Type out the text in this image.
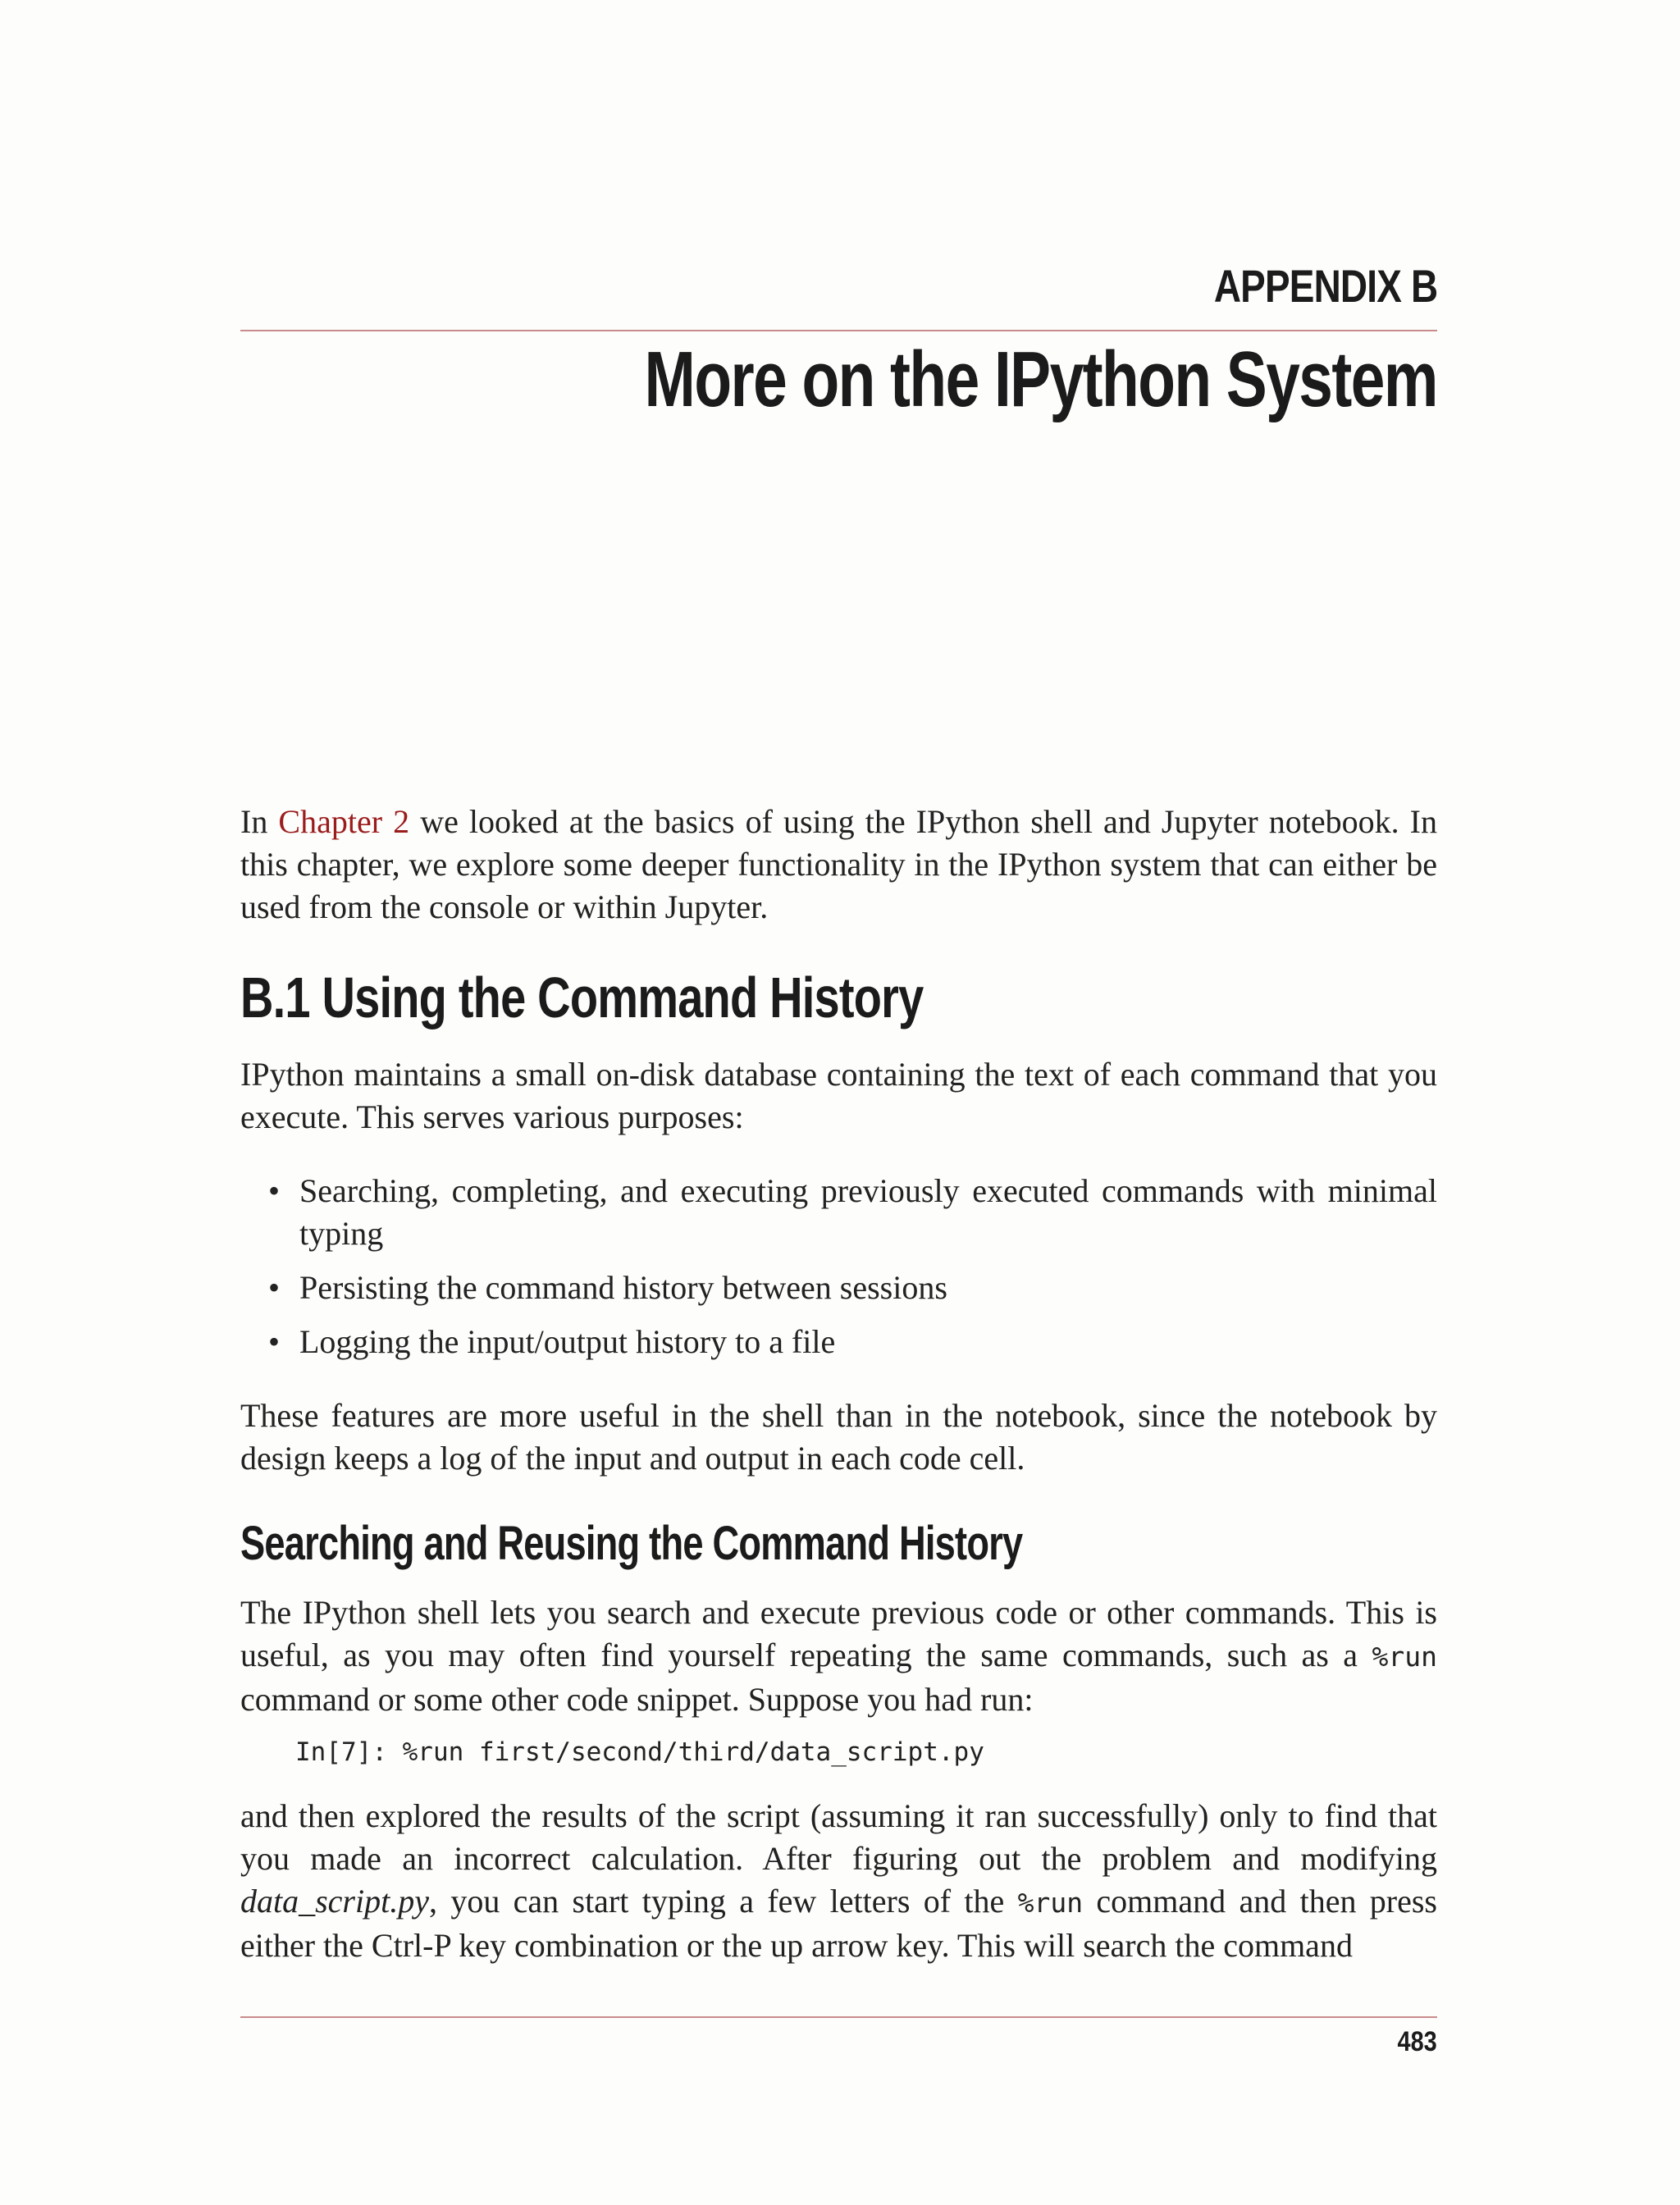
APPENDIX B
More on the IPython System

In Chapter 2 we looked at the basics of using the IPython shell and Jupyter notebook. In this chapter, we explore some deeper functionality in the IPython system that can either be used from the console or within Jupyter.

B.1 Using the Command History

IPython maintains a small on-disk database containing the text of each command that you execute. This serves various purposes:

• Searching, completing, and executing previously executed commands with minimal typing
• Persisting the command history between sessions
• Logging the input/output history to a file

These features are more useful in the shell than in the notebook, since the notebook by design keeps a log of the input and output in each code cell.

Searching and Reusing the Command History

The IPython shell lets you search and execute previous code or other commands. This is useful, as you may often find yourself repeating the same commands, such as a %run command or some other code snippet. Suppose you had run:

In[7]: %run first/second/third/data_script.py

and then explored the results of the script (assuming it ran successfully) only to find that you made an incorrect calculation. After figuring out the problem and modifying data_script.py, you can start typing a few letters of the %run command and then press either the Ctrl-P key combination or the up arrow key. This will search the command

483
